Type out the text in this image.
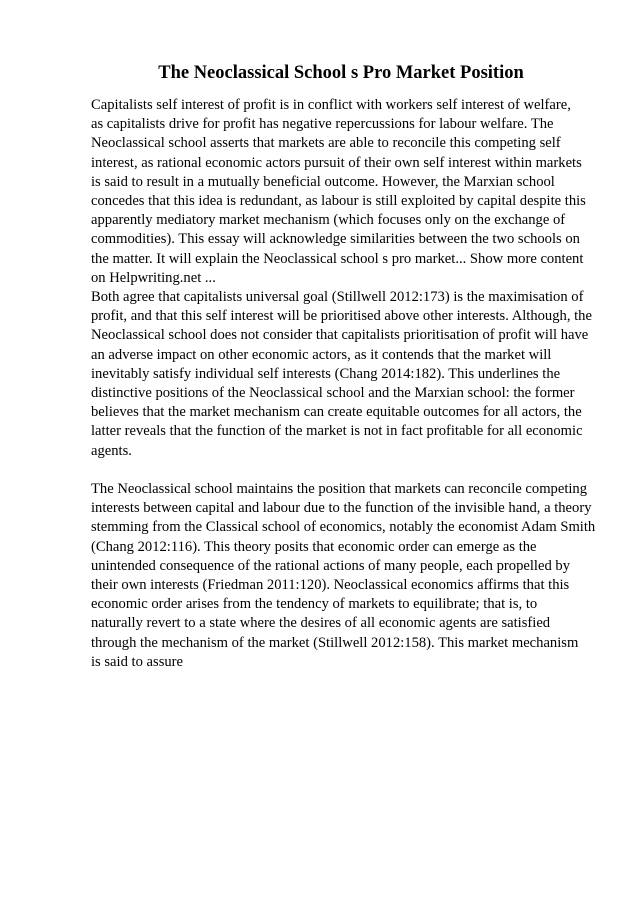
The Neoclassical School s Pro Market Position

Capitalists self interest of profit is in conflict with workers self interest of welfare,
as capitalists drive for profit has negative repercussions for labour welfare. The
Neoclassical school asserts that markets are able to reconcile this competing self
interest, as rational economic actors pursuit of their own self interest within markets
is said to result in a mutually beneficial outcome. However, the Marxian school
concedes that this idea is redundant, as labour is still exploited by capital despite this
apparently mediatory market mechanism (which focuses only on the exchange of
commodities). This essay will acknowledge similarities between the two schools on
the matter. It will explain the Neoclassical school s pro market... Show more content
on Helpwriting.net ...

Both agree that capitalists universal goal (Stillwell 2012:173) is the maximisation of
profit, and that this self interest will be prioritised above other interests. Although, the
Neoclassical school does not consider that capitalists prioritisation of profit will have
an adverse impact on other economic actors, as it contends that the market will
inevitably satisfy individual self interests (Chang 2014:182). This underlines the
distinctive positions of the Neoclassical school and the Marxian school: the former
believes that the market mechanism can create equitable outcomes for all actors, the
latter reveals that the function of the market is not in fact profitable for all economic
agents.

The Neoclassical school maintains the position that markets can reconcile competing
interests between capital and labour due to the function of the invisible hand, a theory
stemming from the Classical school of economics, notably the economist Adam Smith
(Chang 2012:116). This theory posits that economic order can emerge as the
unintended consequence of the rational actions of many people, each propelled by
their own interests (Friedman 2011:120). Neoclassical economics affirms that this
economic order arises from the tendency of markets to equilibrate; that is, to
naturally revert to a state where the desires of all economic agents are satisfied
through the mechanism of the market (Stillwell 2012:158). This market mechanism
is said to assure
